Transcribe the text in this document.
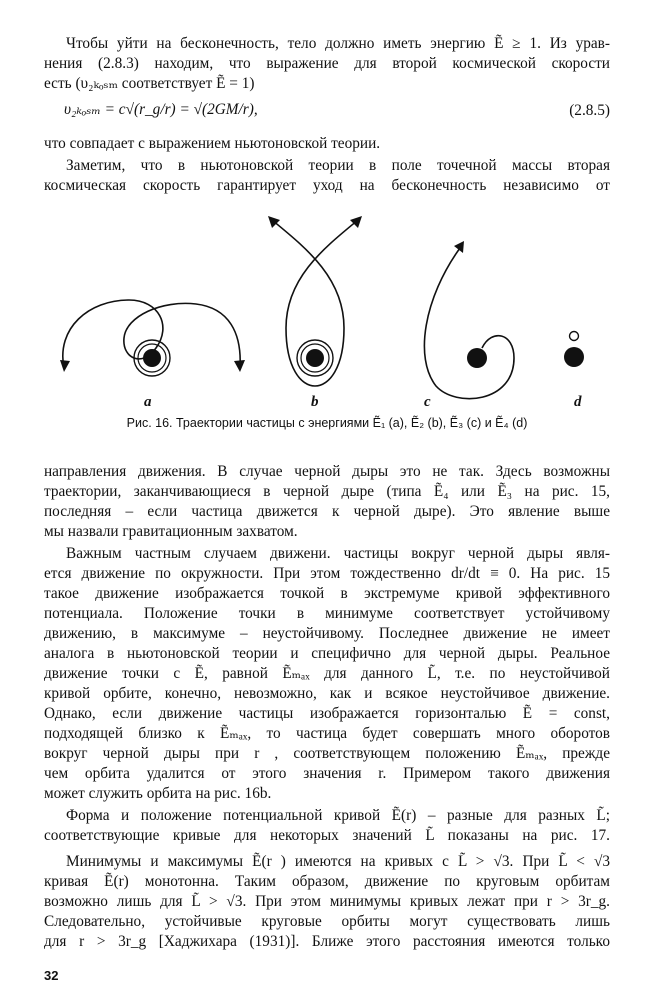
Чтобы уйти на бесконечность, тело должно иметь энергию Ẽ ≥ 1. Из урав-
нения (2.8.3) находим, что выражение для второй космической скорости
есть (υ₂ₖₒₛₘ соответствует Ẽ = 1)
υ₂ₖₒₛₘ = c√(r_g/r) = √(2GM/r),	(2.8.5)
что совпадает с выражением ньютоновской теории.
Заметим, что в ньютоновской теории в поле точечной массы вторая
космическая скорость гарантирует уход на бесконечность независимо от
a	b	c	d
Рис. 16. Траектории частицы с энергиями Ẽ₁ (a), Ẽ₂ (b), Ẽ₃ (c) и Ẽ₄ (d)
направления движения. В случае черной дыры это не так. Здесь возможны
траектории, заканчивающиеся в черной дыре (типа Ẽ₄ или Ẽ₃ на рис. 15,
последняя – если частица движется к черной дыре). Это явление выше
мы назвали гравитационным захватом.
Важным частным случаем движени. частицы вокруг черной дыры явля-
ется движение по окружности. При этом тождественно dr/dt ≡ 0. На рис. 15
такое движение изображается точкой в экстремуме кривой эффективного
потенциала. Положение точки в минимуме соответствует устойчивому
движению, в максимуме – неустойчивому. Последнее движение не имеет
аналога в ньютоновской теории и специфично для черной дыры. Реальное
движение точки с Ẽ, равной Ẽₘₐₓ для данного L̃, т.е. по неустойчивой
кривой орбите, конечно, невозможно, как и всякое неустойчивое движение.
Однако, если движение частицы изображается горизонталью Ẽ = const,
подходящей близко к Ẽₘₐₓ, то частица будет совершать много оборотов
вокруг черной дыры при r , соответствующем положению Ẽₘₐₓ, прежде
чем орбита удалится от этого значения r. Примером такого движения
может служить орбита на рис. 16b.
Форма и положение потенциальной кривой Ẽ(r) – разные для разных L̃;
соответствующие кривые для некоторых значений L̃ показаны на рис. 17.
Минимумы и максимумы Ẽ(r ) имеются на кривых с L̃ > √3. При L̃ < √3
кривая Ẽ(r) монотонна. Таким образом, движение по круговым орбитам
возможно лишь для L̃ > √3. При этом минимумы кривых лежат при r > 3r_g.
Следовательно, устойчивые круговые орбиты могут существовать лишь
для r > 3r_g [Хаджихара (1931)]. Ближе этого расстояния имеются только
32
